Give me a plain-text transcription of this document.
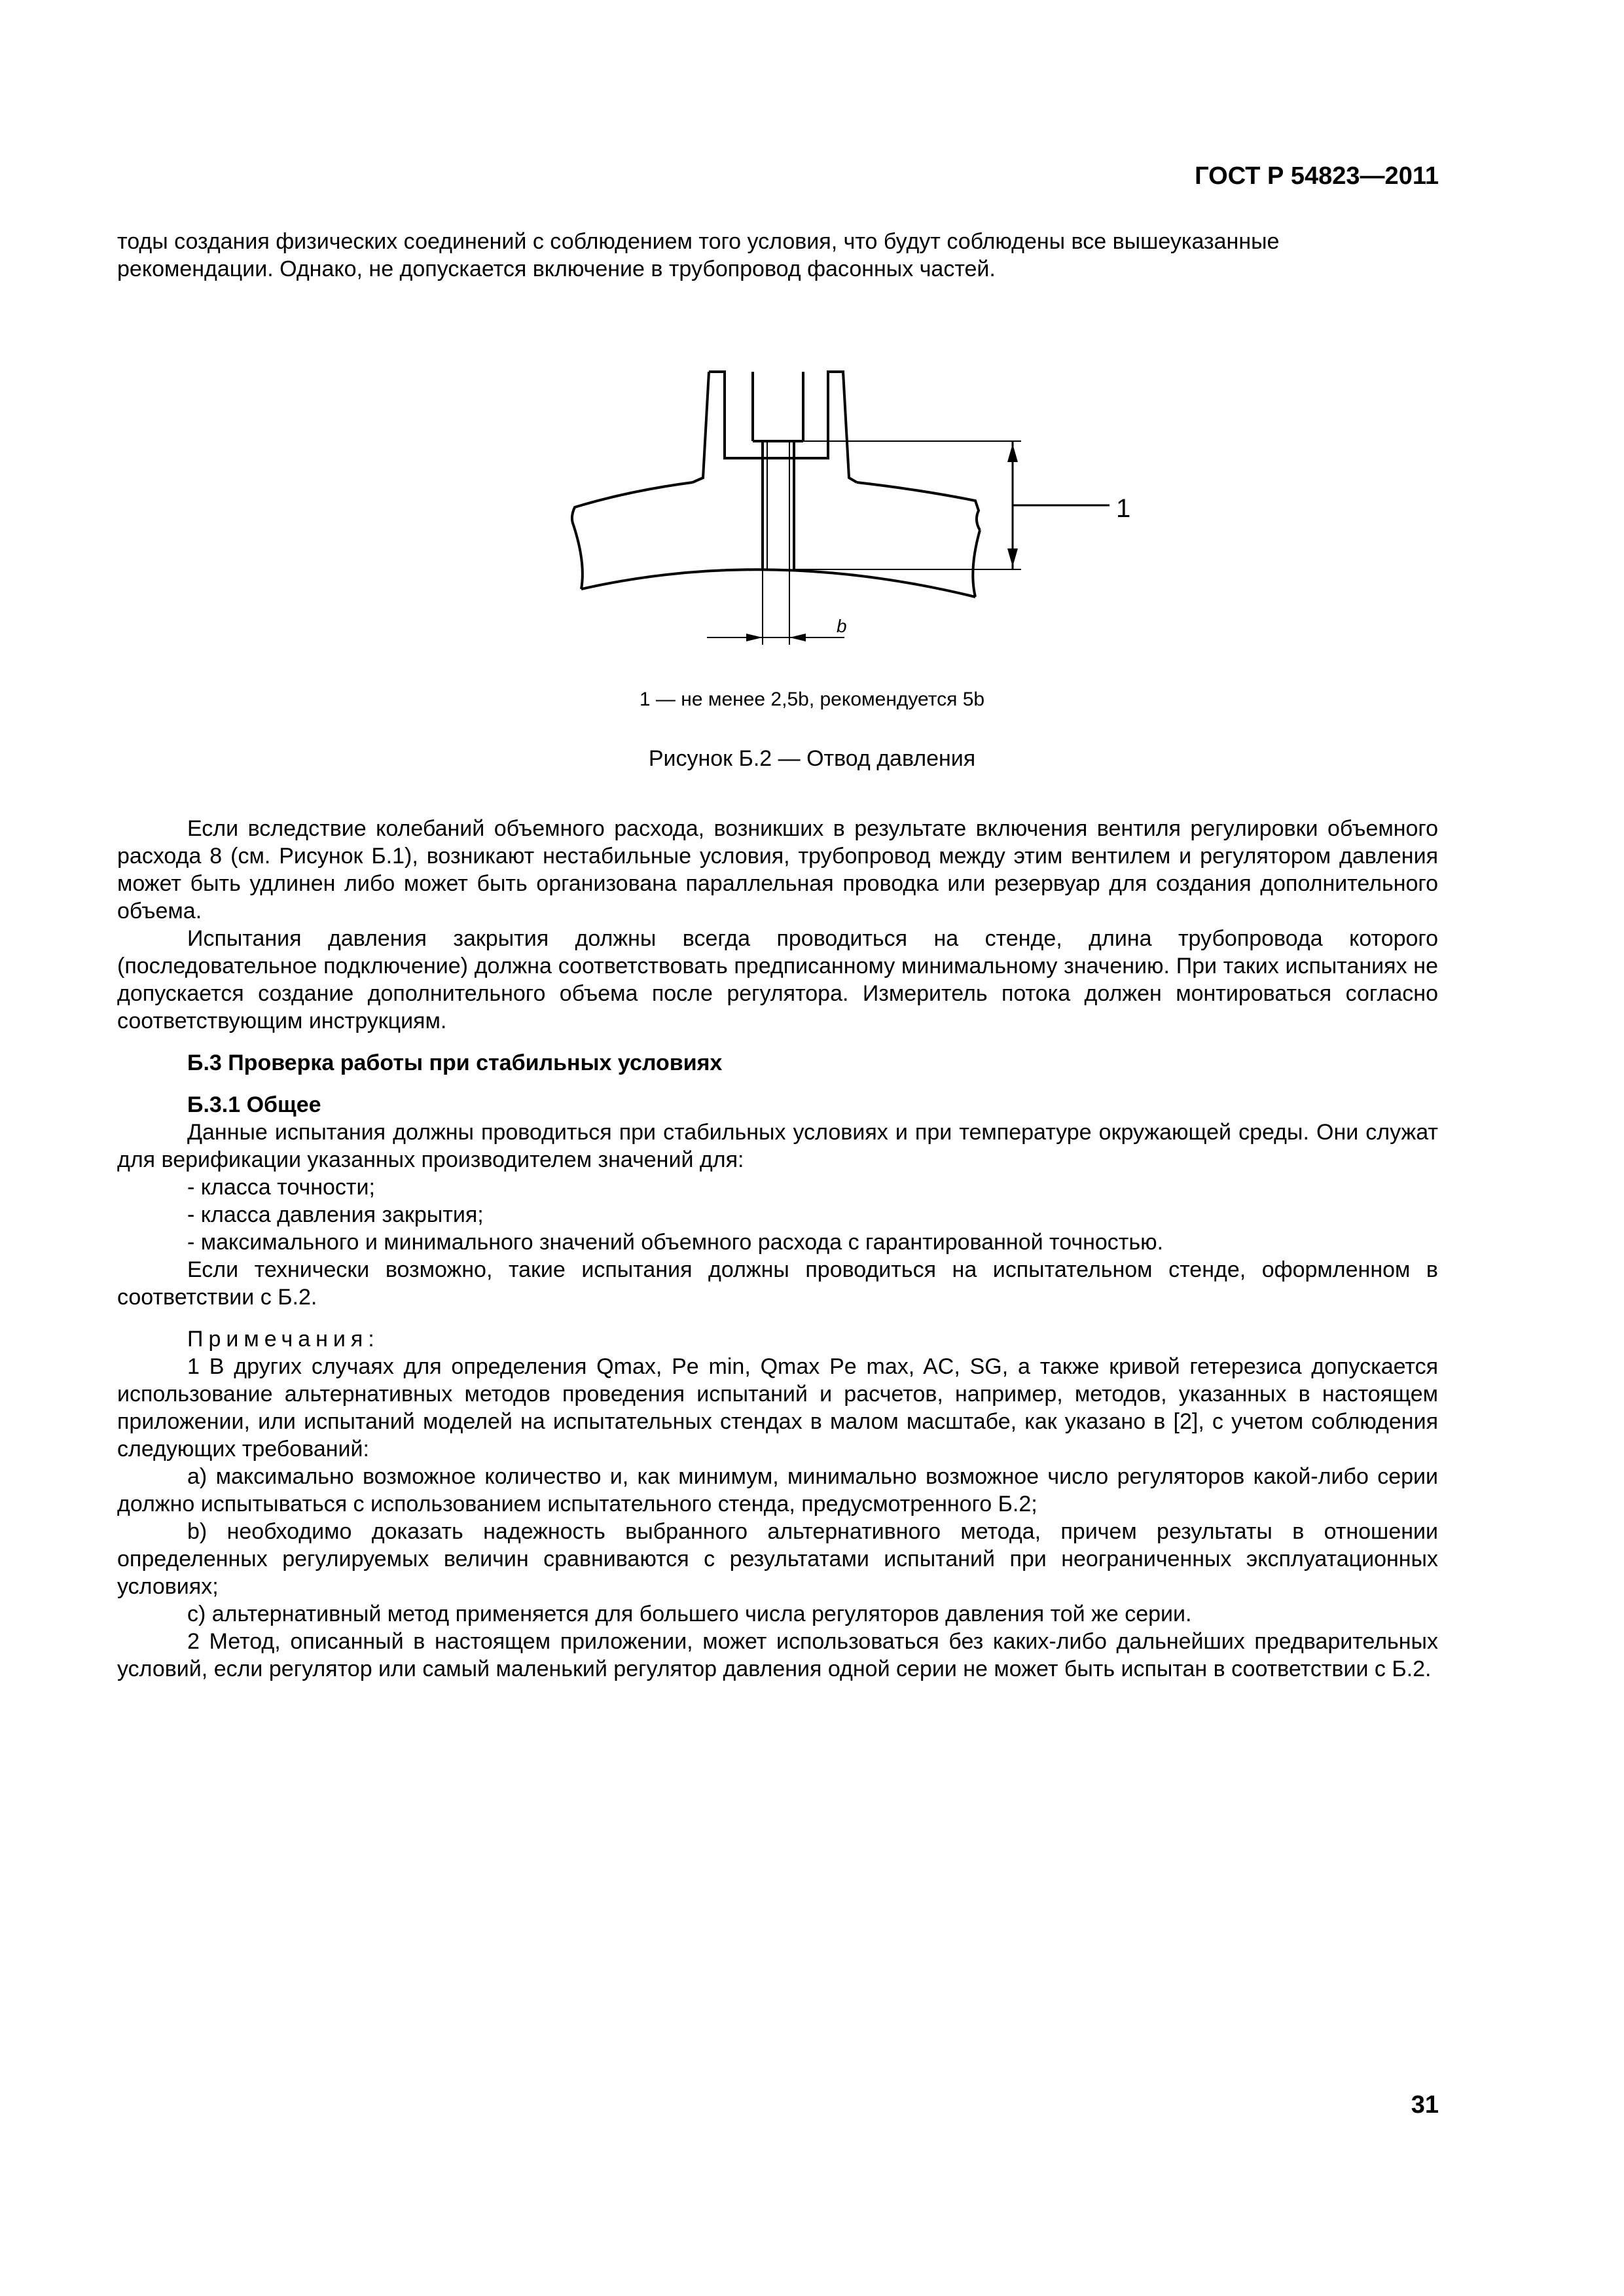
ГОСТ Р 54823—2011

тоды создания физических соединений с соблюдением того условия, что будут соблюдены все вышеуказанные

рекомендации. Однако, не допускается включение в трубопровод фасонных частей.

1
b
1 — не менее 2,5b, рекомендуется 5b
Рисунок Б.2 — Отвод давления

Если вследствие колебаний объемного расхода, возникших в результате включения вентиля регулировки объемного расхода 8 (см. Рисунок Б.1), возникают нестабильные условия, трубопровод между этим вентилем и регулятором давления может быть удлинен либо может быть организована параллельная проводка или резервуар для создания дополнительного объема.

Испытания давления закрытия должны всегда проводиться на стенде, длина трубопровода которого (последовательное подключение) должна соответствовать предписанному минимальному значению. При таких испытаниях не допускается создание дополнительного объема после регулятора. Измеритель потока должен монтироваться согласно соответствующим инструкциям.

Б.3 Проверка работы при стабильных условиях

Б.3.1 Общее

Данные испытания должны проводиться при стабильных условиях и при температуре окружающей среды. Они служат для верификации указанных производителем значений для:

- класса точности;

- класса давления закрытия;

- максимального и минимального значений объемного расхода с гарантированной точностью.

Если технически возможно, такие испытания должны проводиться на испытательном стенде, оформленном в соответствии с Б.2.

Примечания:

1 В других случаях для определения Qmax, Pe min, Qmax Pe max, AC, SG, а также кривой гетерезиса допускается использование альтернативных методов проведения испытаний и расчетов, например, методов, указанных в настоящем приложении, или испытаний моделей на испытательных стендах в малом масштабе, как указано в [2], с учетом соблюдения следующих требований:

a) максимально возможное количество и, как минимум, минимально возможное число регуляторов какой-либо серии должно испытываться с использованием испытательного стенда, предусмотренного Б.2;

b) необходимо доказать надежность выбранного альтернативного метода, причем результаты в отношении определенных регулируемых величин сравниваются с результатами испытаний при неограниченных эксплуатационных условиях;

c) альтернативный метод применяется для большего числа регуляторов давления той же серии.

2 Метод, описанный в настоящем приложении, может использоваться без каких-либо дальнейших предварительных условий, если регулятор или самый маленький регулятор давления одной серии не может быть испытан в соответствии с Б.2.

31
